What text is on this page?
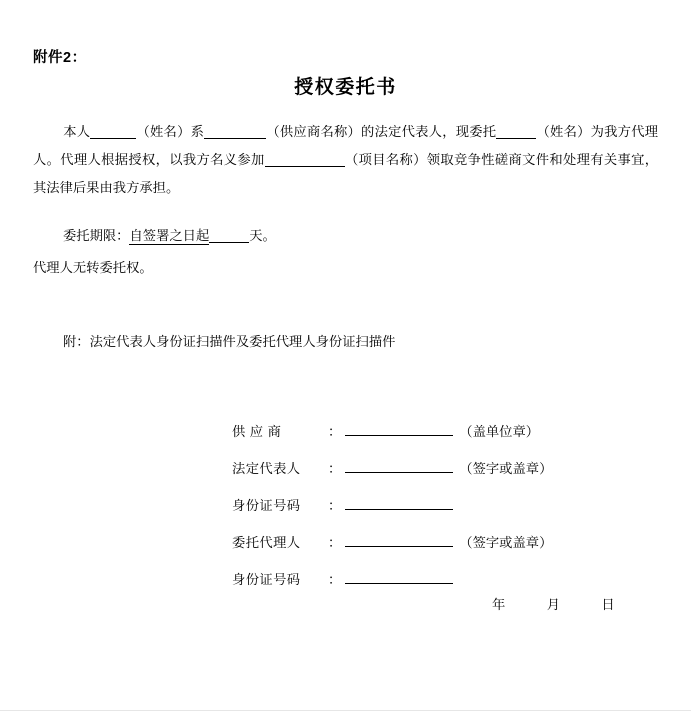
附件2：
授权委托书

本人	（姓名）系	（供应商名称）的法定代表人，现委托	（姓名）为我方代理人。代理人根据授权，以我方名义参加	（项目名称）领取竞争性磋商文件和处理有关事宜，其法律后果由我方承担。

委托期限：自签署之日起	天。

代理人无转委托权。

附：法定代表人身份证扫描件及委托代理人身份证扫描件

供 应 商	：	（盖单位章）
法定代表人	：	（签字或盖章）
身份证号码	：
委托代理人	：	（签字或盖章）
身份证号码	：
年	月	日
